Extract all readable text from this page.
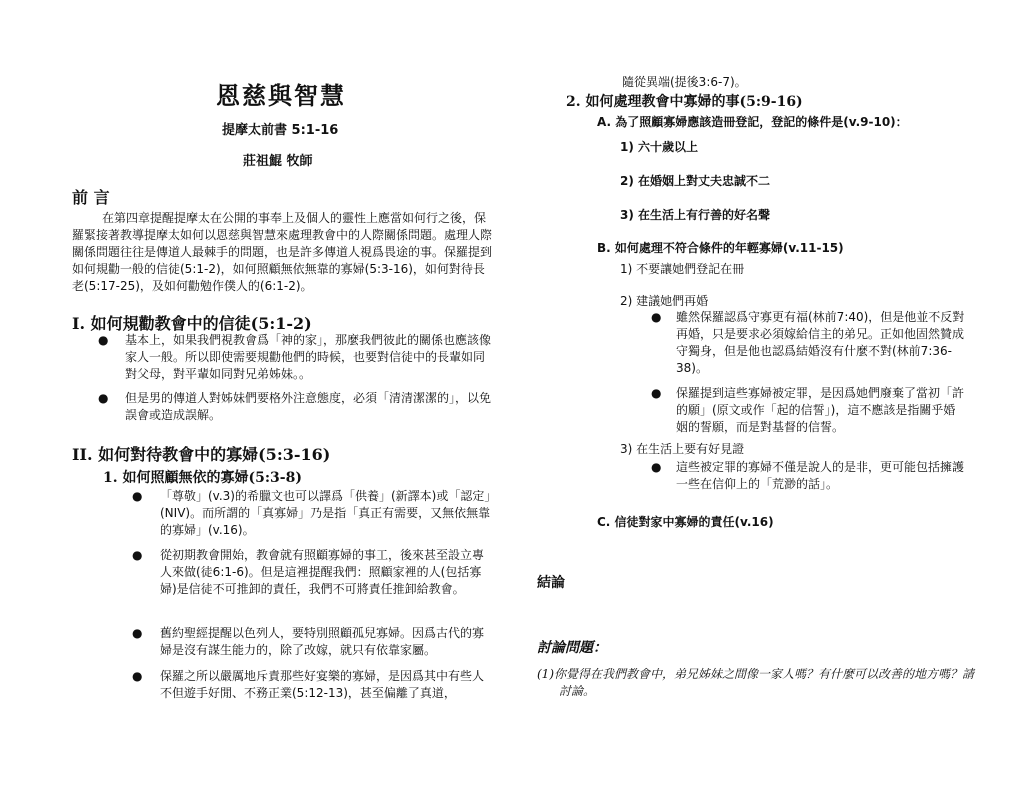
恩慈與智慧
提摩太前書 5:1-16
莊祖鯤 牧師
前 言

在第四章提醒提摩太在公開的事奉上及個人的靈性上應當如何行之後，保羅緊接著教導提摩太如何以恩慈與智慧來處理教會中的人際關係問題。處理人際關係問題往往是傳道人最棘手的問題，也是許多傳道人視爲畏途的事。保羅提到如何規勸一般的信徒(5:1-2)，如何照顧無依無靠的寡婦(5:3-16)，如何對待長老(5:17-25)，及如何勸勉作僕人的(6:1-2)。

I. 如何規勸教會中的信徒(5:1-2)
● 基本上，如果我們視教會爲「神的家」，那麼我們彼此的關係也應該像家人一般。所以即使需要規勸他們的時候，也要對信徒中的長輩如同對父母，對平輩如同對兄弟姊妹。。

● 但是男的傳道人對姊妹們要格外注意態度，必須「清清潔潔的」，以免誤會或造成誤解。

II. 如何對待教會中的寡婦(5:3-16)
1. 如何照顧無依的寡婦(5:3-8)
● 「尊敬」(v.3)的希臘文也可以譯爲「供養」(新譯本)或「認定」(NIV)。而所謂的「真寡婦」乃是指「真正有需要，又無依無靠的寡婦」(v.16)。

● 從初期教會開始，教會就有照顧寡婦的事工，後來甚至設立專人來做(徒6:1-6)。但是這裡提醒我們：照顧家裡的人(包括寡婦)是信徒不可推卸的責任，我們不可將責任推卸給教會。

● 舊約聖經提醒以色列人，要特別照顧孤兒寡婦。因爲古代的寡婦是沒有謀生能力的，除了改嫁，就只有依靠家屬。

● 保羅之所以嚴厲地斥責那些好宴樂的寡婦，是因爲其中有些人不但遊手好閒、不務正業(5:12-13)，甚至偏離了真道，

隨從異端(提後3:6-7)。
2. 如何處理教會中寡婦的事(5:9-16)
A. 為了照顧寡婦應該造冊登記，登記的條件是(v.9-10)：
1) 六十歲以上
2) 在婚姻上對丈夫忠誠不二
3) 在生活上有行善的好名聲
B. 如何處理不符合條件的年輕寡婦(v.11-15)
1) 不要讓她們登記在冊
2) 建議她們再婚
● 雖然保羅認爲守寡更有福(林前7:40)，但是他並不反對再婚，只是要求必須嫁給信主的弟兄。正如他固然贊成守獨身，但是他也認爲結婚沒有什麼不對(林前7:36-38)。

● 保羅提到這些寡婦被定罪，是因爲她們廢棄了當初「許的願」(原文或作「起的信誓」)，這不應該是指關乎婚姻的誓願，而是對基督的信誓。

3) 在生活上要有好見證
● 這些被定罪的寡婦不僅是說人的是非，更可能包括擁護一些在信仰上的「荒渺的話」。

C. 信徒對家中寡婦的責任(v.16)
結論
討論問題：

(1)你覺得在我們教會中，弟兄姊妹之間像一家人嗎？有什麼可以改善的地方嗎？請討論。
